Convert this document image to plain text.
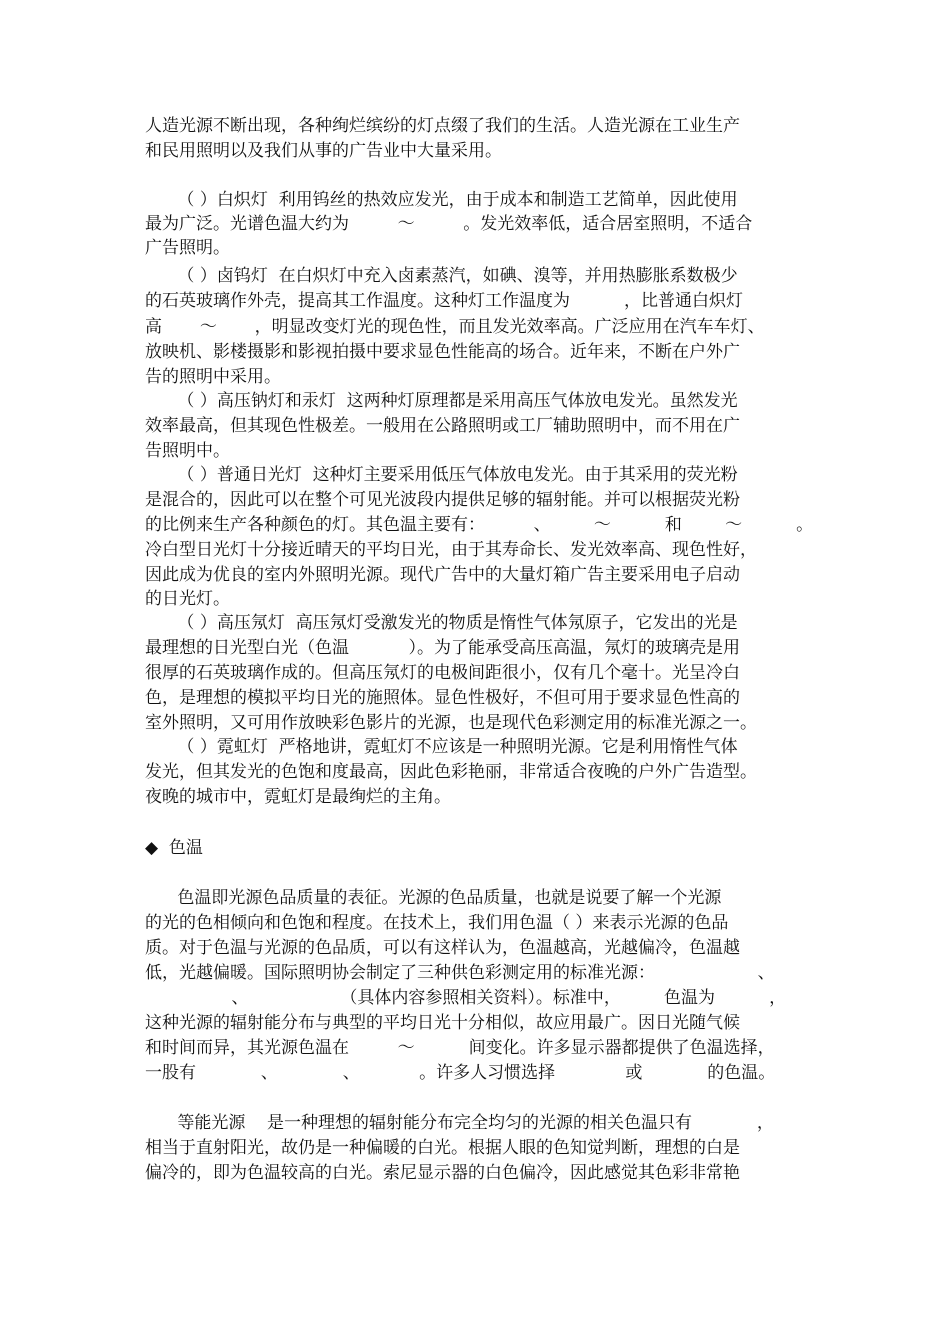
人造光源不断出现，各种绚烂缤纷的灯点缀了我们的生活。人造光源在工业生产
和民用照明以及我们从事的广告业中大量采用。
（ ）白炽灯  利用钨丝的热效应发光，由于成本和制造工艺简单，因此使用
最为广泛。光谱色温大约为         ～         。发光效率低，适合居室照明，不适合
广告照明。
（ ）卤钨灯  在白炽灯中充入卤素蒸汽，如碘、溴等，并用热膨胀系数极少
的石英玻璃作外壳，提高其工作温度。这种灯工作温度为          ，比普通白炽灯
高       ～       ，明显改变灯光的现色性，而且发光效率高。广泛应用在汽车车灯、
放映机、影楼摄影和影视拍摄中要求显色性能高的场合。近年来，不断在户外广
告的照明中采用。
（ ）高压钠灯和汞灯  这两种灯原理都是采用高压气体放电发光。虽然发光
效率最高，但其现色性极差。一般用在公路照明或工厂辅助照明中，而不用在广
告照明中。
（ ）普通日光灯  这种灯主要采用低压气体放电发光。由于其采用的荧光粉
是混合的，因此可以在整个可见光波段内提供足够的辐射能。并可以根据荧光粉
的比例来生产各种颜色的灯。其色温主要有：         、        ～          和        ～          。
冷白型日光灯十分接近晴天的平均日光，由于其寿命长、发光效率高、现色性好，
因此成为优良的室内外照明光源。现代广告中的大量灯箱广告主要采用电子启动
的日光灯。
（ ）高压氖灯  高压氖灯受激发光的物质是惰性气体氖原子，它发出的光是
最理想的日光型白光（色温           ）。为了能承受高压高温，氖灯的玻璃壳是用
很厚的石英玻璃作成的。但高压氖灯的电极间距很小，仅有几个毫十。光呈冷白
色，是理想的模拟平均日光的施照体。显色性极好，不但可用于要求显色性高的
室外照明，又可用作放映彩色影片的光源，也是现代色彩测定用的标准光源之一。
（ ）霓虹灯  严格地讲，霓虹灯不应该是一种照明光源。它是利用惰性气体
发光，但其发光的色饱和度最高，因此色彩艳丽，非常适合夜晚的户外广告造型。
夜晚的城市中，霓虹灯是最绚烂的主角。
◆  色温
色温即光源色品质量的表征。光源的色品质量，也就是说要了解一个光源
的光的色相倾向和色饱和程度。在技术上，我们用色温（ ）来表示光源的色品
质。对于色温与光源的色品质，可以有这样认为，色温越高，光越偏冷，色温越
低，光越偏暖。国际照明协会制定了三种供色彩测定用的标准光源：                   、
、                 （具体内容参照相关资料）。标准中，        色温为          ，
这种光源的辐射能分布与典型的平均日光十分相似，故应用最广。因日光随气候
和时间而异，其光源色温在         ～          间变化。许多显示器都提供了色温选择，
一股有            、            、           。许多人习惯选择             或            的色温。
等能光源    是一种理想的辐射能分布完全均匀的光源的相关色温只有            ，
相当于直射阳光，故仍是一种偏暖的白光。根据人眼的色知觉判断，理想的白是
偏冷的，即为色温较高的白光。索尼显示器的白色偏冷，因此感觉其色彩非常艳
